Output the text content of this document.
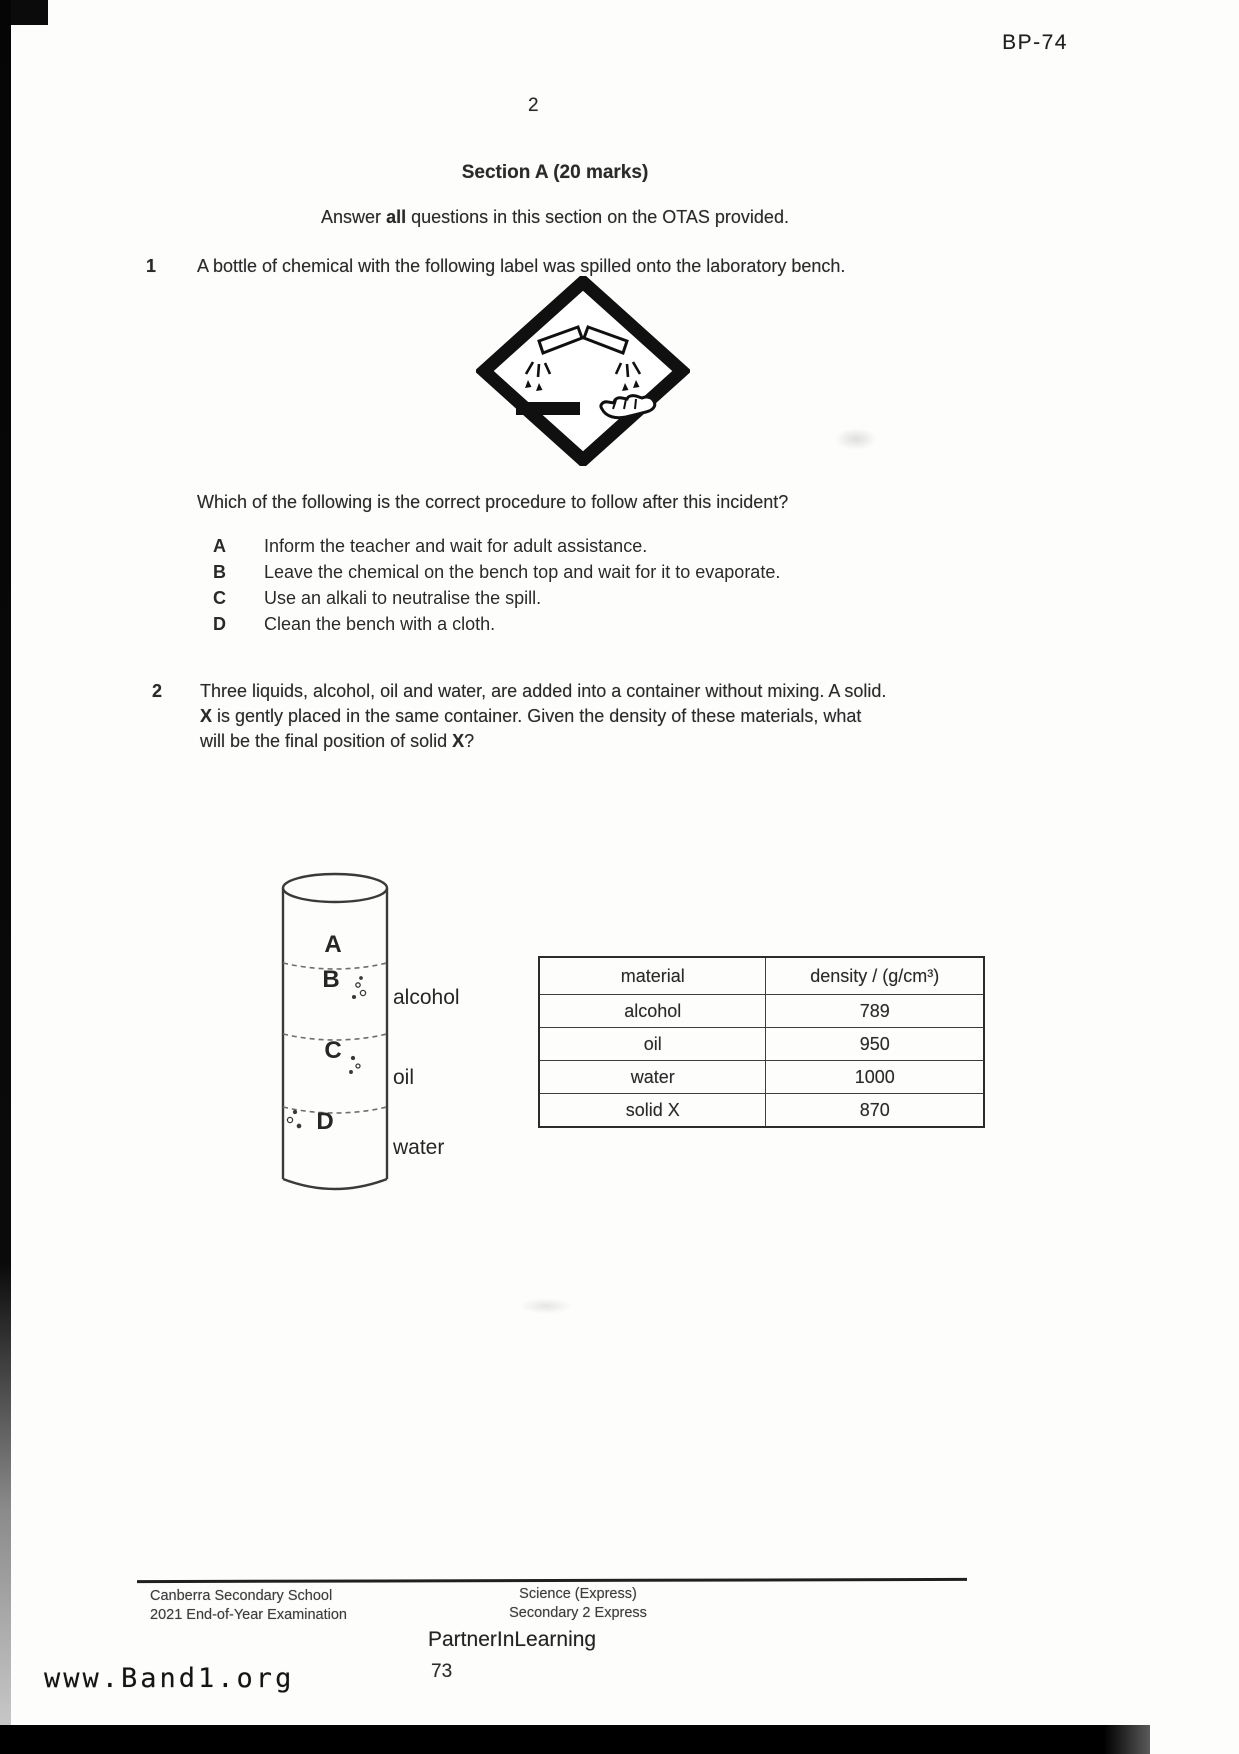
BP-74
2
Section A (20 marks)
Answer all questions in this section on the OTAS provided.
1 A bottle of chemical with the following label was spilled onto the laboratory bench.
Which of the following is the correct procedure to follow after this incident?
A Inform the teacher and wait for adult assistance.
B Leave the chemical on the bench top and wait for it to evaporate.
C Use an alkali to neutralise the spill.
D Clean the bench with a cloth.
2 Three liquids, alcohol, oil and water, are added into a container without mixing. A solid.
X is gently placed in the same container. Given the density of these materials, what
will be the final position of solid X?
A
B
C
D
alcohol
oil
water
material	density / (g/cm³)
alcohol	789
oil	950
water	1000
solid X	870
Canberra Secondary School
2021 End-of-Year Examination
Science (Express)
Secondary 2 Express
PartnerInLearning
73
www.Band1.org
